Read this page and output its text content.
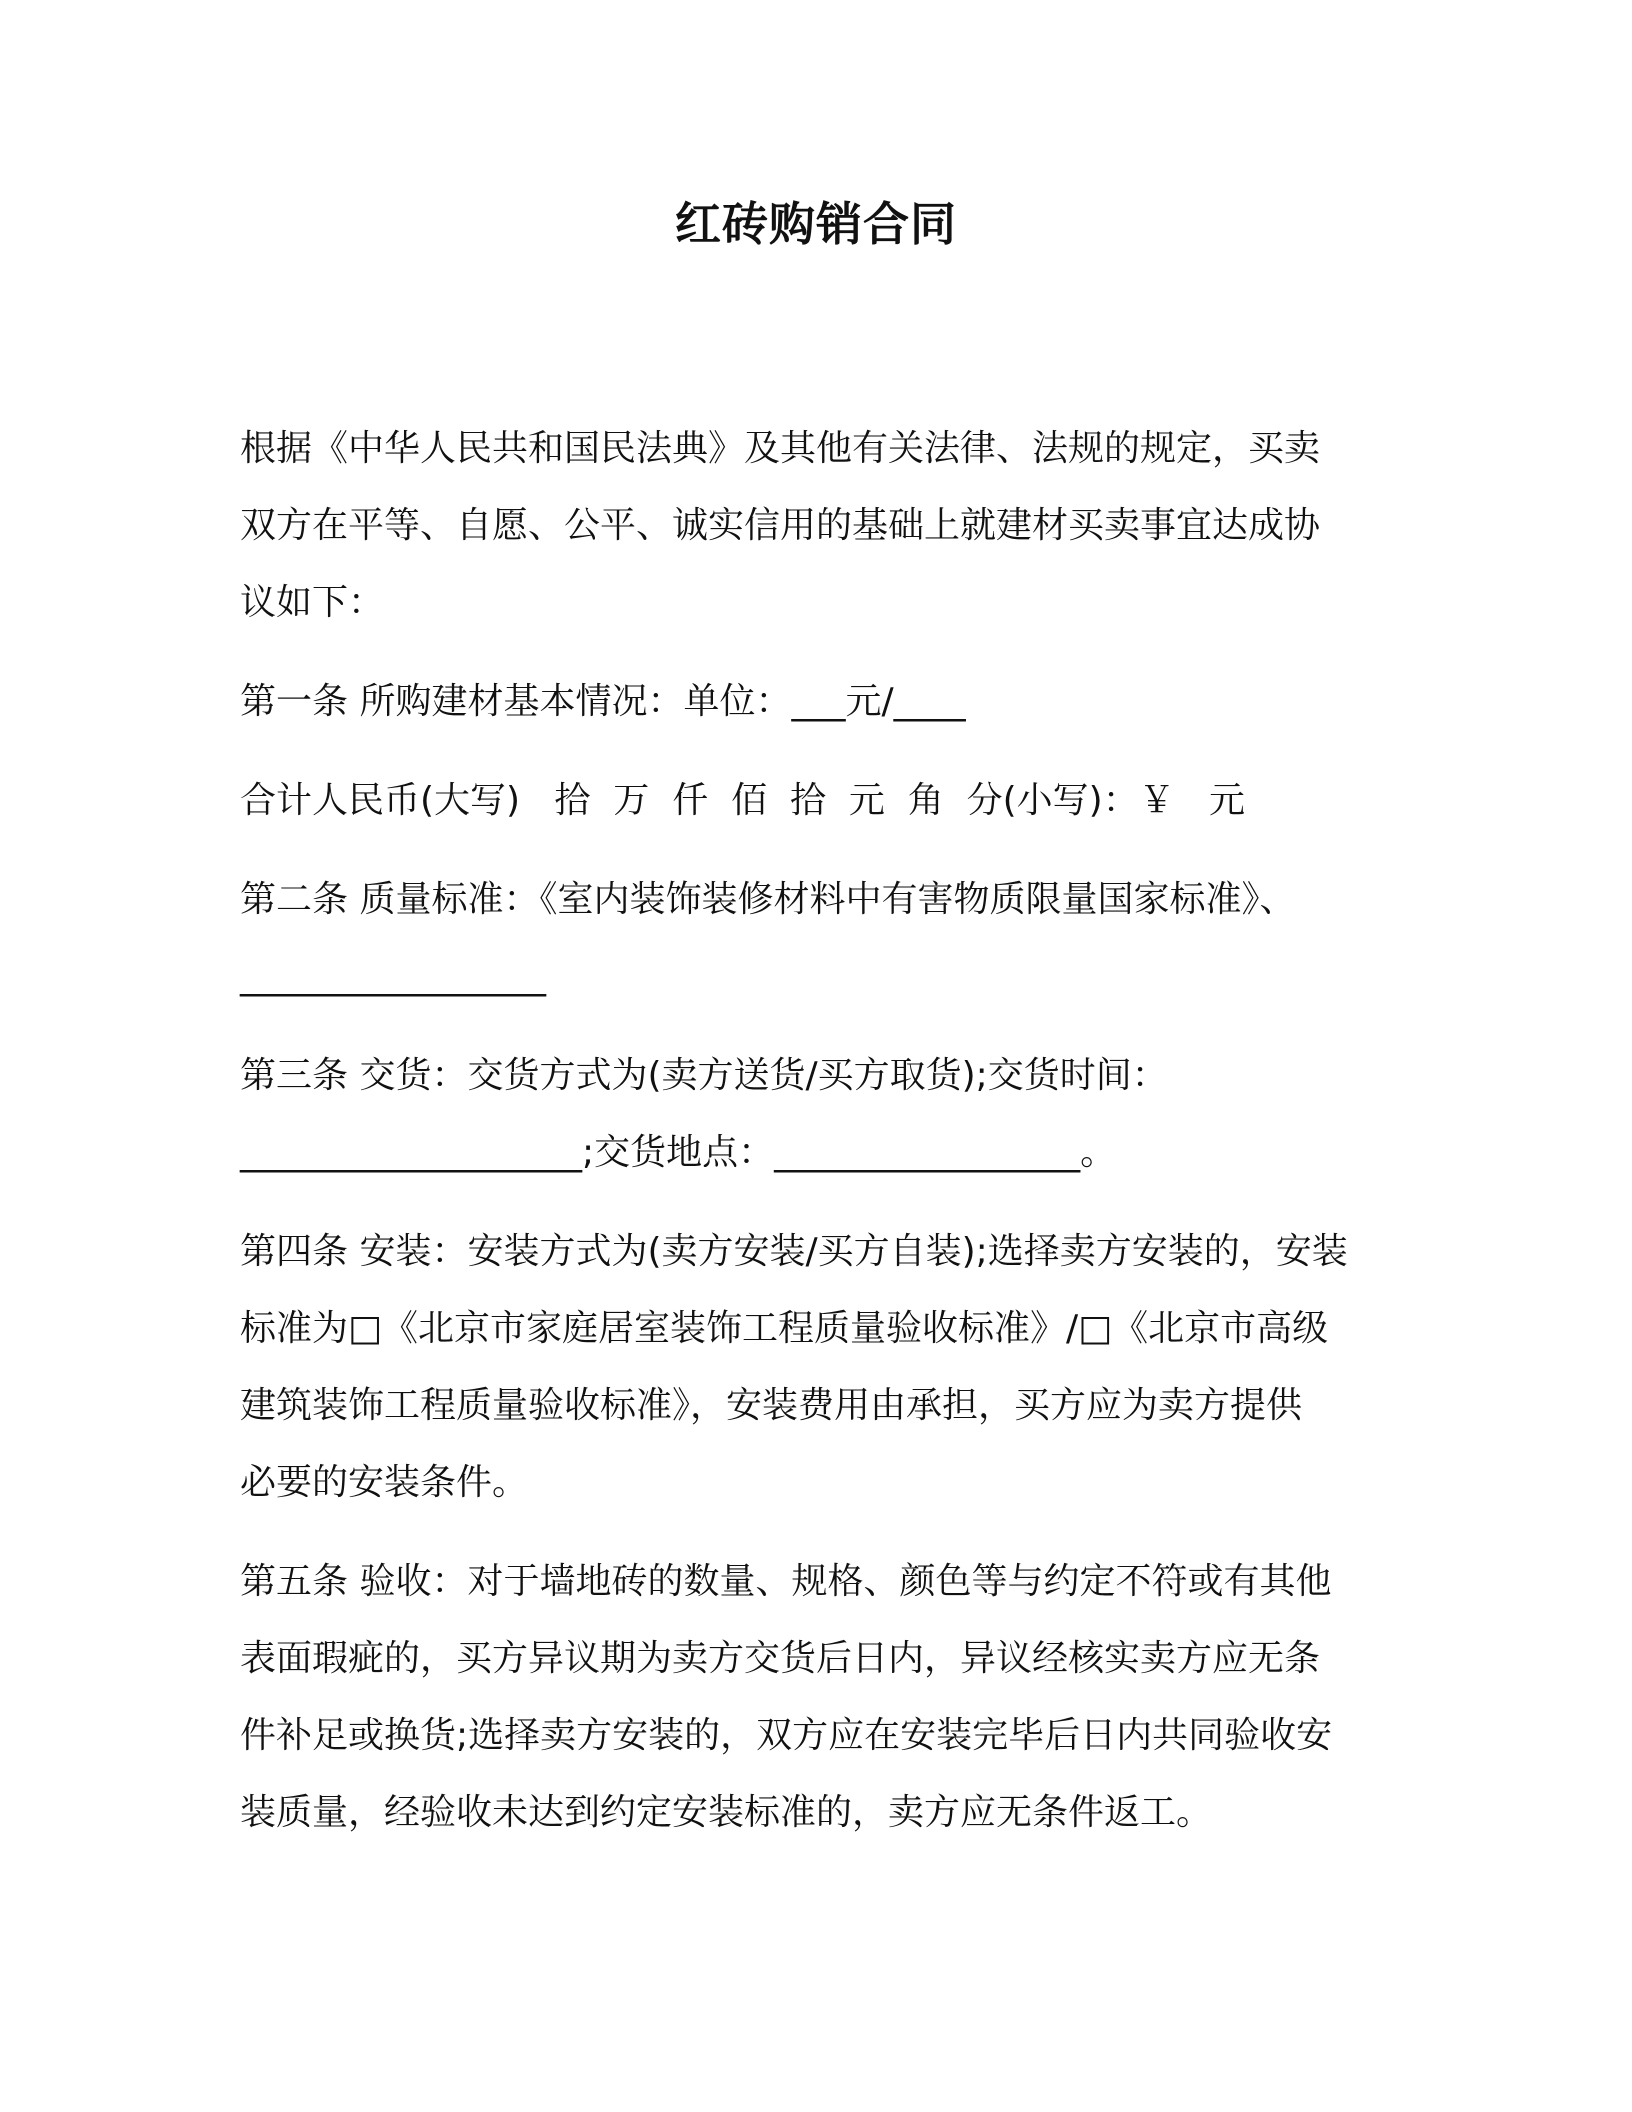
红砖购销合同

根据《中华人民共和国民法典》及其他有关法律、法规的规定，买卖
双方在平等、自愿、公平、诚实信用的基础上就建材买卖事宜达成协
议如下：

第一条 所购建材基本情况：单位：___元/____

合计人民币(大写)   拾  万  仟  佰  拾  元  角  分(小写)：￥   元

第二条 质量标准：《室内装饰装修材料中有害物质限量国家标准》、
_________________

第三条 交货：交货方式为(卖方送货/买方取货);交货时间：
___________________;交货地点：_________________。

第四条 安装：安装方式为(卖方安装/买方自装);选择卖方安装的，安装
标准为□《北京市家庭居室装饰工程质量验收标准》/□《北京市高级
建筑装饰工程质量验收标准》，安装费用由承担，买方应为卖方提供
必要的安装条件。

第五条 验收：对于墙地砖的数量、规格、颜色等与约定不符或有其他
表面瑕疵的，买方异议期为卖方交货后日内，异议经核实卖方应无条
件补足或换货;选择卖方安装的，双方应在安装完毕后日内共同验收安
装质量，经验收未达到约定安装标准的，卖方应无条件返工。
